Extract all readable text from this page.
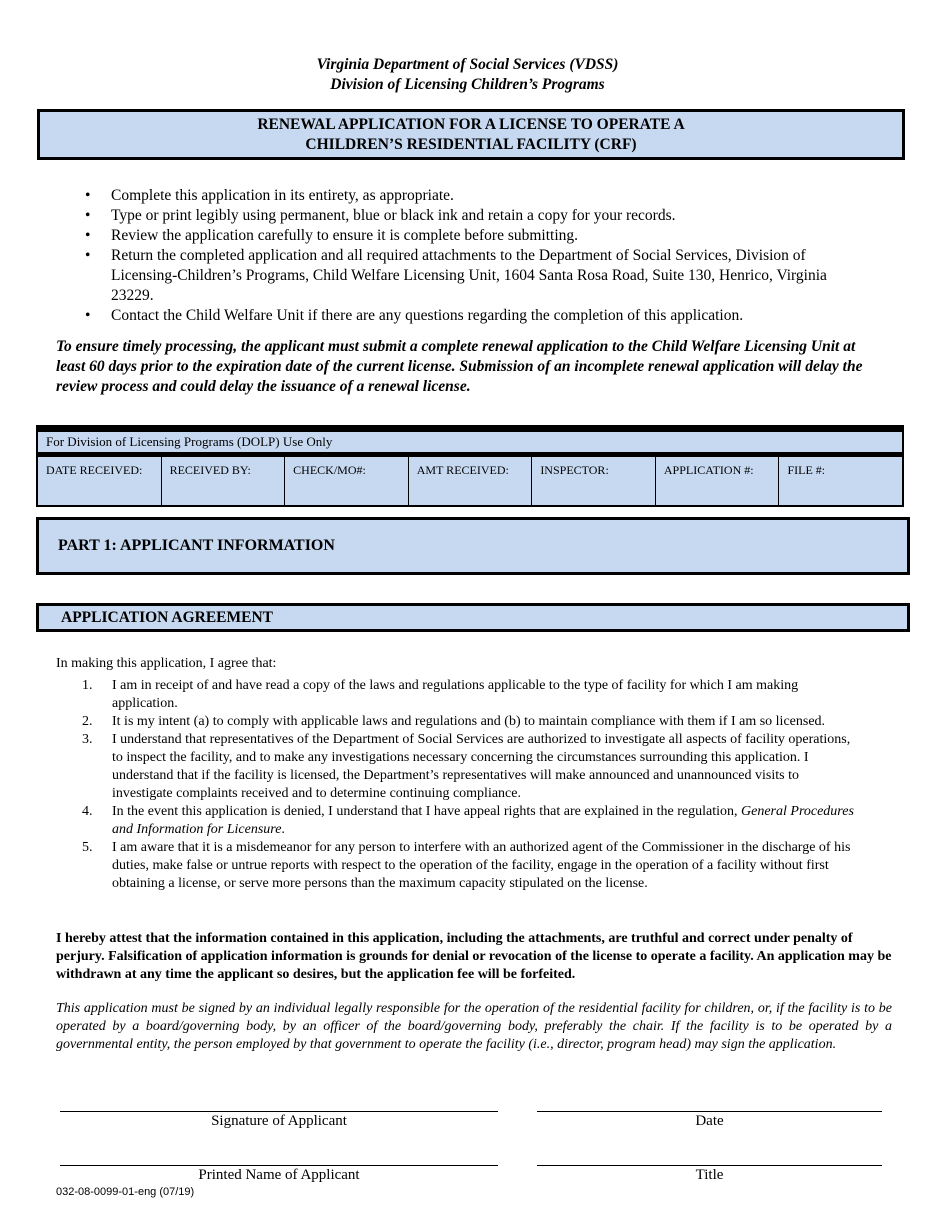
Virginia Department of Social Services (VDSS)
Division of Licensing Children’s Programs
RENEWAL APPLICATION FOR A LICENSE TO OPERATE A
CHILDREN’S RESIDENTIAL FACILITY (CRF)
• Complete this application in its entirety, as appropriate.
• Type or print legibly using permanent, blue or black ink and retain a copy for your records.
• Review the application carefully to ensure it is complete before submitting.
• Return the completed application and all required attachments to the Department of Social Services, Division of Licensing-Children’s Programs, Child Welfare Licensing Unit, 1604 Santa Rosa Road, Suite 130, Henrico, Virginia 23229.
• Contact the Child Welfare Unit if there are any questions regarding the completion of this application.
To ensure timely processing, the applicant must submit a complete renewal application to the Child Welfare Licensing Unit at least 60 days prior to the expiration date of the current license. Submission of an incomplete renewal application will delay the review process and could delay the issuance of a renewal license.
For Division of Licensing Programs (DOLP) Use Only
DATE RECEIVED:	RECEIVED BY:	CHECK/MO#:	AMT RECEIVED:	INSPECTOR:	APPLICATION #:	FILE #:
PART 1: APPLICANT INFORMATION
APPLICATION AGREEMENT
In making this application, I agree that:
1. I am in receipt of and have read a copy of the laws and regulations applicable to the type of facility for which I am making application.
2. It is my intent (a) to comply with applicable laws and regulations and (b) to maintain compliance with them if I am so licensed.
3. I understand that representatives of the Department of Social Services are authorized to investigate all aspects of facility operations, to inspect the facility, and to make any investigations necessary concerning the circumstances surrounding this application. I understand that if the facility is licensed, the Department’s representatives will make announced and unannounced visits to investigate complaints received and to determine continuing compliance.
4. In the event this application is denied, I understand that I have appeal rights that are explained in the regulation, General Procedures and Information for Licensure.
5. I am aware that it is a misdemeanor for any person to interfere with an authorized agent of the Commissioner in the discharge of his duties, make false or untrue reports with respect to the operation of the facility, engage in the operation of a facility without first obtaining a license, or serve more persons than the maximum capacity stipulated on the license.
I hereby attest that the information contained in this application, including the attachments, are truthful and correct under penalty of perjury. Falsification of application information is grounds for denial or revocation of the license to operate a facility. An application may be withdrawn at any time the applicant so desires, but the application fee will be forfeited.
This application must be signed by an individual legally responsible for the operation of the residential facility for children, or, if the facility is to be operated by a board/governing body, by an officer of the board/governing body, preferably the chair. If the facility is to be operated by a governmental entity, the person employed by that government to operate the facility (i.e., director, program head) may sign the application.
Signature of Applicant	Date
Printed Name of Applicant	Title
032-08-0099-01-eng (07/19)
